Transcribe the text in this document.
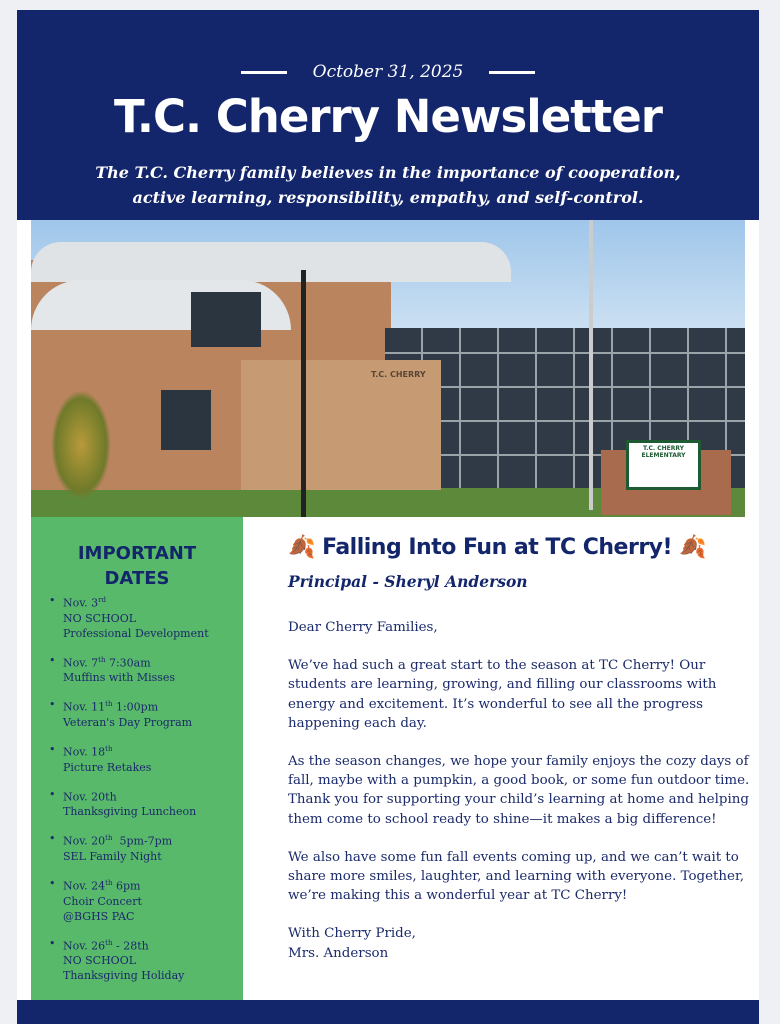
October 31, 2025
T.C. Cherry Newsletter
The T.C. Cherry family believes in the importance of cooperation,
active learning, responsibility, empathy, and self-control.
T.C. CHERRY
T.C. CHERRY ELEMENTARY
IMPORTANT
DATES
• Nov. 3rd
NO SCHOOL
Professional Development
• Nov. 7th 7:30am
Muffins with Misses
• Nov. 11th 1:00pm
Veteran's Day Program
• Nov. 18th
Picture Retakes
• Nov. 20th
Thanksgiving Luncheon
• Nov. 20th  5pm-7pm
SEL Family Night
• Nov. 24th 6pm
Choir Concert
@BGHS PAC
• Nov. 26th - 28th
NO SCHOOL
Thanksgiving Holiday
🍂 Falling Into Fun at TC Cherry! 🍂
Principal - Sheryl Anderson

Dear Cherry Families,

We’ve had such a great start to the season at TC Cherry! Our students are learning, growing, and filling our classrooms with energy and excitement. It’s wonderful to see all the progress happening each day.

As the season changes, we hope your family enjoys the cozy days of fall, maybe with a pumpkin, a good book, or some fun outdoor time. Thank you for supporting your child’s learning at home and helping them come to school ready to shine—it makes a big difference!

We also have some fun fall events coming up, and we can’t wait to share more smiles, laughter, and learning with everyone. Together, we’re making this a wonderful year at TC Cherry!

With Cherry Pride,
Mrs. Anderson
